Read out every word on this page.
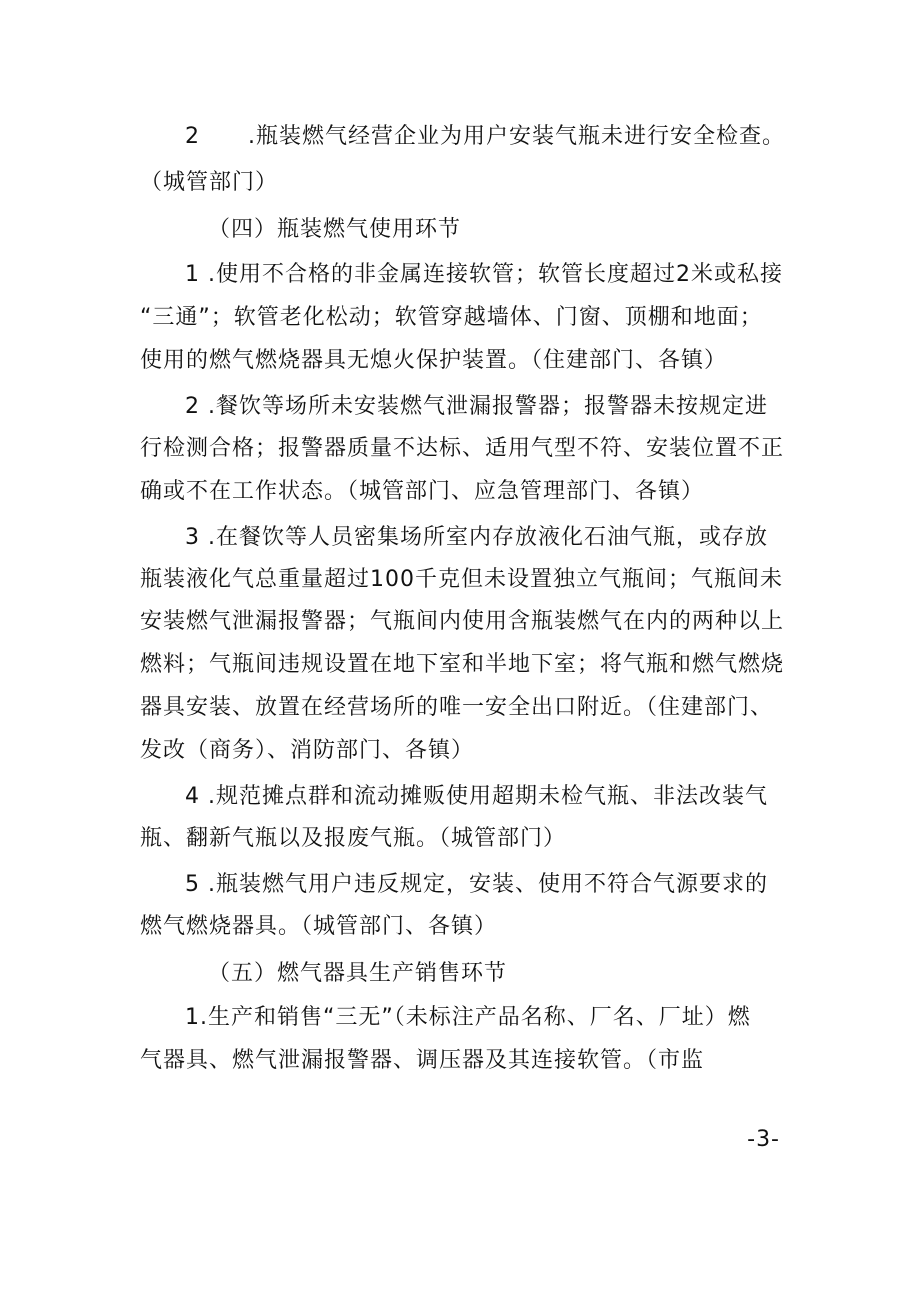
2      .瓶装燃气经营企业为用户安装气瓶未进行安全检查。
（城管部门）
（四）瓶装燃气使用环节
1 .使用不合格的非金属连接软管；软管长度超过2米或私接
“三通”；软管老化松动；软管穿越墙体、门窗、顶棚和地面；
使用的燃气燃烧器具无熄火保护装置。（住建部门、各镇）
2 .餐饮等场所未安装燃气泄漏报警器；报警器未按规定进
行检测合格；报警器质量不达标、适用气型不符、安装位置不正
确或不在工作状态。（城管部门、应急管理部门、各镇）
3 .在餐饮等人员密集场所室内存放液化石油气瓶，或存放
瓶装液化气总重量超过100千克但未设置独立气瓶间；气瓶间未
安装燃气泄漏报警器；气瓶间内使用含瓶装燃气在内的两种以上
燃料；气瓶间违规设置在地下室和半地下室；将气瓶和燃气燃烧
器具安装、放置在经营场所的唯一安全出口附近。（住建部门、
发改（商务）、消防部门、各镇）
4 .规范摊点群和流动摊贩使用超期未检气瓶、非法改装气
瓶、翻新气瓶以及报废气瓶。（城管部门）
5 .瓶装燃气用户违反规定，安装、使用不符合气源要求的
燃气燃烧器具。（城管部门、各镇）
（五）燃气器具生产销售环节
1.生产和销售“三无”（未标注产品名称、厂名、厂址）燃
气器具、燃气泄漏报警器、调压器及其连接软管。（市监
-3-
